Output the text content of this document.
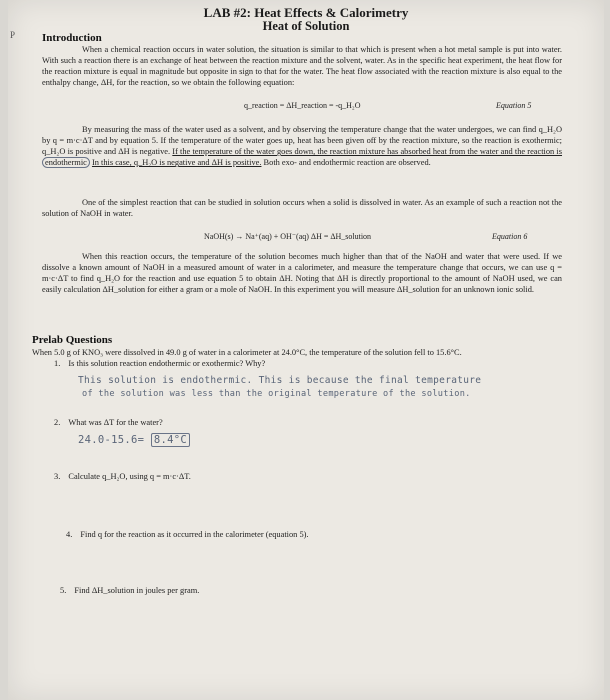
P
LAB #2: Heat Effects & Calorimetry
Heat of Solution
Introduction
When a chemical reaction occurs in water solution, the situation is similar to that which is present when a hot metal sample is put into water. With such a reaction there is an exchange of heat between the reaction mixture and the solvent, water. As in the specific heat experiment, the heat flow for the reaction mixture is equal in magnitude but opposite in sign to that for the water. The heat flow associated with the reaction mixture is also equal to the enthalpy change, ΔH, for the reaction, so we obtain the following equation:
q_reaction = ΔH_reaction = -q_H₂O	Equation 5
By measuring the mass of the water used as a solvent, and by observing the temperature change that the water undergoes, we can find q_H₂O by q = m·c·ΔT and by equation 5. If the temperature of the water goes up, heat has been given off by the reaction mixture, so the reaction is exothermic; q_H₂O is positive and ΔH is negative. If the temperature of the water goes down, the reaction mixture has absorbed heat from the water and the reaction is endothermic In this case, q_H₂O is negative and ΔH is positive. Both exo- and endothermic reaction are observed.
One of the simplest reaction that can be studied in solution occurs when a solid is dissolved in water. As an example of such a reaction not the solution of NaOH in water.
NaOH(s) → Na⁺(aq) + OH⁻(aq) ΔH = ΔH_solution	Equation 6
When this reaction occurs, the temperature of the solution becomes much higher than that of the NaOH and water that were used. If we dissolve a known amount of NaOH in a measured amount of water in a calorimeter, and measure the temperature change that occurs, we can use q = m·c·ΔT to find q_H₂O for the reaction and use equation 5 to obtain ΔH. Noting that ΔH is directly proportional to the amount of NaOH used, we can easily calculation ΔH_solution for either a gram or a mole of NaOH. In this experiment you will measure ΔH_solution for an unknown ionic solid.
Prelab Questions
When 5.0 g of KNO₃ were dissolved in 49.0 g of water in a calorimeter at 24.0°C, the temperature of the solution fell to 15.6°C.
1. Is this solution reaction endothermic or exothermic? Why?
This solution is endothermic. This is because the final temperature
of the solution was less than the original temperature of the solution.
2. What was ΔT for the water?
24.0-15.6= 8.4°C
3. Calculate q_H₂O, using q = m·c·ΔT.
4. Find q for the reaction as it occurred in the calorimeter (equation 5).
5. Find ΔH_solution in joules per gram.
